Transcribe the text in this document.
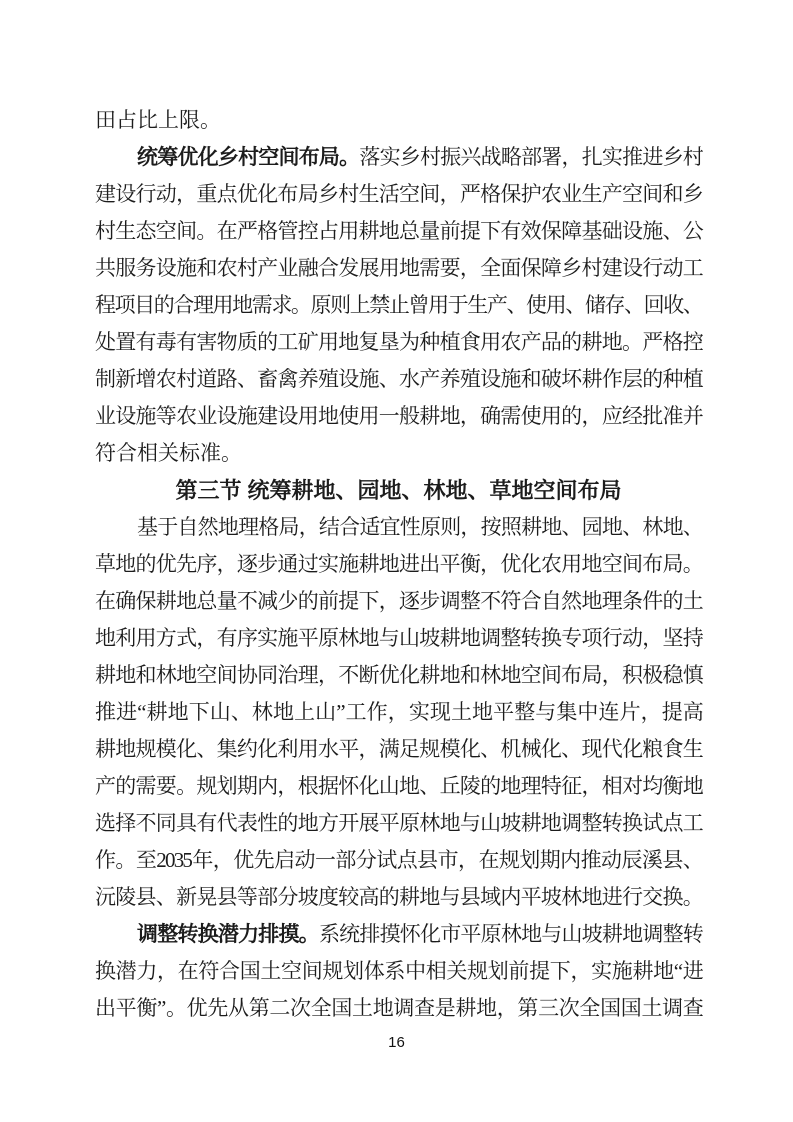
田占比上限。
统筹优化乡村空间布局。落实乡村振兴战略部署，扎实推进乡村
建设行动，重点优化布局乡村生活空间，严格保护农业生产空间和乡
村生态空间。在严格管控占用耕地总量前提下有效保障基础设施、公
共服务设施和农村产业融合发展用地需要，全面保障乡村建设行动工
程项目的合理用地需求。原则上禁止曾用于生产、使用、储存、回收、
处置有毒有害物质的工矿用地复垦为种植食用农产品的耕地。严格控
制新增农村道路、畜禽养殖设施、水产养殖设施和破坏耕作层的种植
业设施等农业设施建设用地使用一般耕地，确需使用的，应经批准并
符合相关标准。
第三节 统筹耕地、园地、林地、草地空间布局
基于自然地理格局，结合适宜性原则，按照耕地、园地、林地、
草地的优先序，逐步通过实施耕地进出平衡，优化农用地空间布局。
在确保耕地总量不减少的前提下，逐步调整不符合自然地理条件的土
地利用方式，有序实施平原林地与山坡耕地调整转换专项行动，坚持
耕地和林地空间协同治理，不断优化耕地和林地空间布局，积极稳慎
推进“耕地下山、林地上山”工作，实现土地平整与集中连片，提高
耕地规模化、集约化利用水平，满足规模化、机械化、现代化粮食生
产的需要。规划期内，根据怀化山地、丘陵的地理特征，相对均衡地
选择不同具有代表性的地方开展平原林地与山坡耕地调整转换试点工
作。至2035年，优先启动一部分试点县市，在规划期内推动辰溪县、
沅陵县、新晃县等部分坡度较高的耕地与县域内平坡林地进行交换。
调整转换潜力排摸。系统排摸怀化市平原林地与山坡耕地调整转
换潜力，在符合国土空间规划体系中相关规划前提下，实施耕地“进
出平衡”。优先从第二次全国土地调查是耕地，第三次全国国土调查
16
